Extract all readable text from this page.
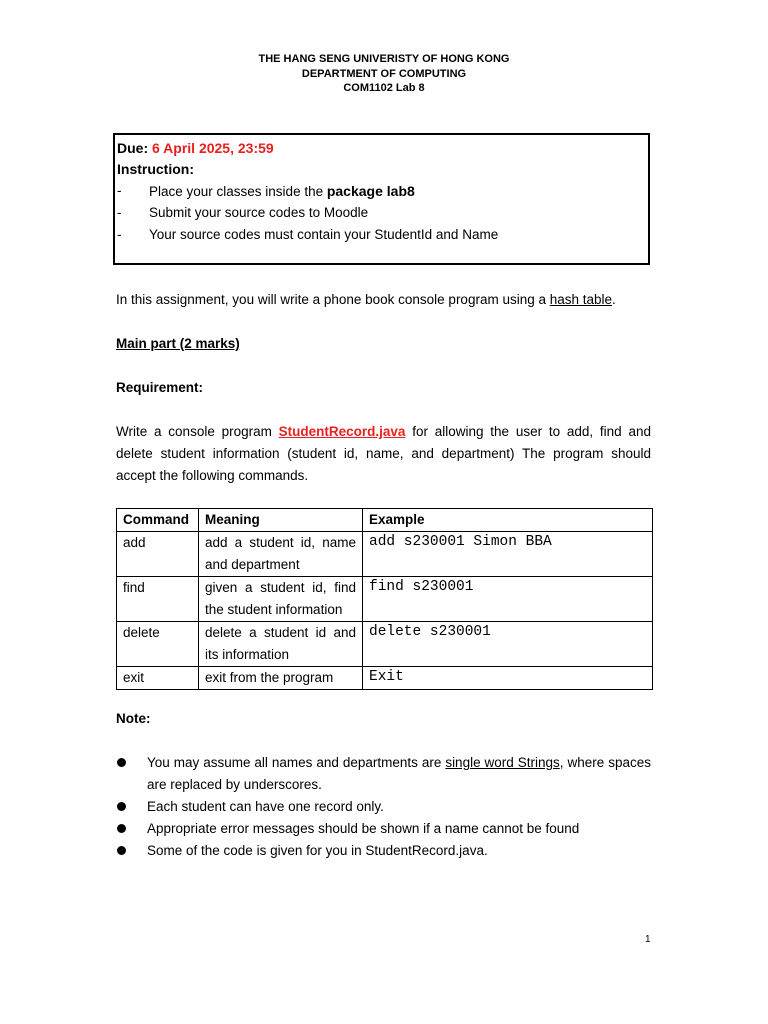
THE HANG SENG UNIVERISTY OF HONG KONG
DEPARTMENT OF COMPUTING
COM1102 Lab 8
Due: 6 April 2025, 23:59
Instruction:
- Place your classes inside the package lab8
- Submit your source codes to Moodle
- Your source codes must contain your StudentId and Name
In this assignment, you will write a phone book console program using a hash table.
Main part (2 marks)
Requirement:
Write a console program StudentRecord.java for allowing the user to add, find and delete student information (student id, name, and department) The program should accept the following commands.
Command	Meaning	Example
add	add a student id, name and department	add s230001 Simon BBA
find	given a student id, find the student information	find s230001
delete	delete a student id and its information	delete s230001
exit	exit from the program	Exit
Note:
You may assume all names and departments are single word Strings, where spaces are replaced by underscores.
Each student can have one record only.
Appropriate error messages should be shown if a name cannot be found
Some of the code is given for you in StudentRecord.java.
1
